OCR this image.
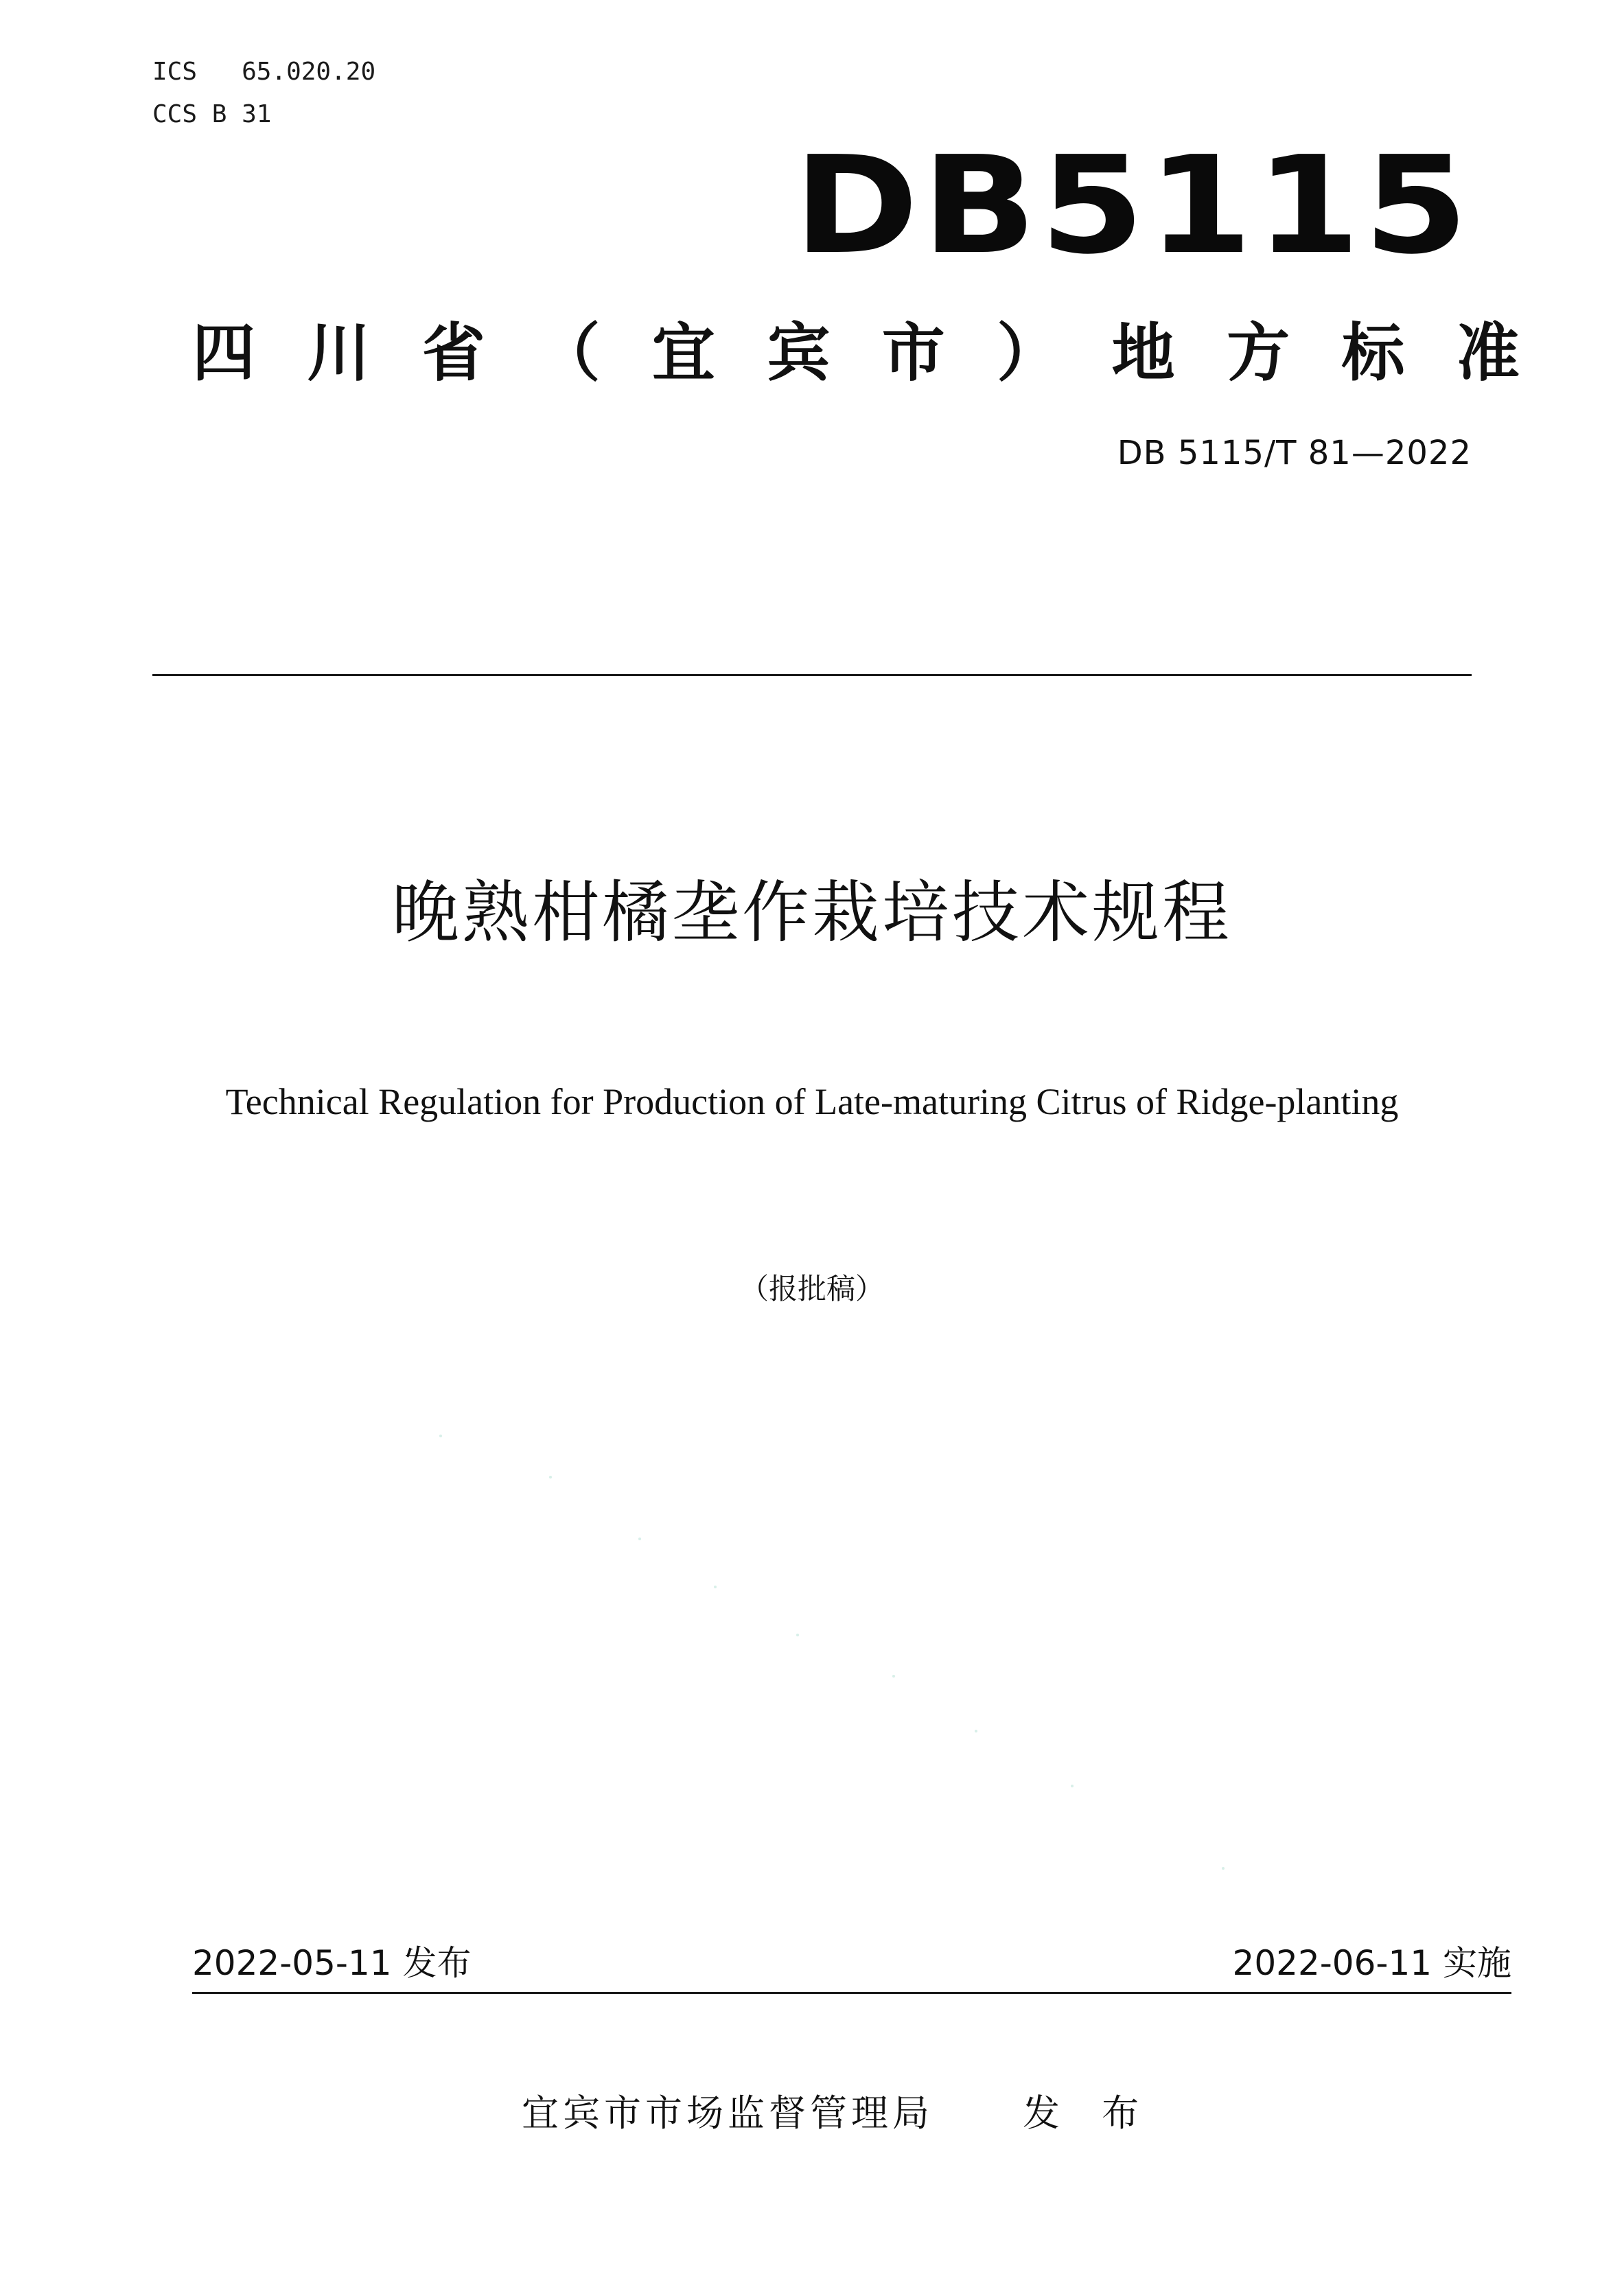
ICS 65.020.20
CCS B 31
DB5115
四 川 省 （ 宜 宾 市 ） 地 方 标 准
DB 5115/T 81—2022
晚熟柑橘垄作栽培技术规程
Technical Regulation for Production of Late-maturing Citrus of Ridge-planting
（报批稿）
2022-05-11 发布	2022-06-11 实施
宜宾市市场监督管理局 发 布
